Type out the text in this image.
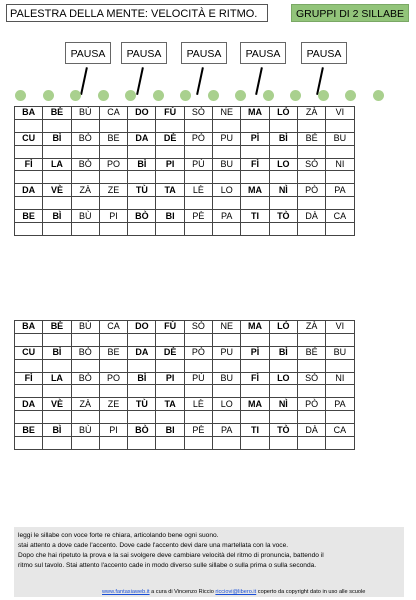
PALESTRA DELLA MENTE: VELOCITÀ E RITMO.	GRUPPI DI 2 SILLABE
PAUSA	PAUSA	PAUSA	PAUSA	PAUSA
BA	BÈ	BÙ	CA	DO	FÙ	SÒ	NE	MA	LÒ	ZÀ	VI

CU	BÌ	BÒ	BE	DA	DÈ	PÒ	PU	PÌ	BÌ	BÉ	BU

FÌ	LA	BÒ	PO	BÌ	PI	PÙ	BU	FÌ	LO	SÒ	NI

DA	VÈ	ZÀ	ZE	TÙ	TA	LÈ	LO	MA	NÌ	PÒ	PA

BE	BÌ	BÙ	PI	BÒ	BI	PÈ	PA	TI	TÒ	DÀ	CA

BA	BÈ	BÙ	CA	DO	FÙ	SÒ	NE	MA	LÒ	ZÀ	VI

CU	BÌ	BÒ	BE	DA	DÈ	PÒ	PU	PÌ	BÌ	BÉ	BU

FÌ	LA	BÒ	PO	BÌ	PI	PÙ	BU	FÌ	LO	SÒ	NI

DA	VÈ	ZÀ	ZE	TÙ	TA	LÈ	LO	MA	NÌ	PÒ	PA

BE	BÌ	BÙ	PI	BÒ	BI	PÈ	PA	TI	TÒ	DÀ	CA

leggi le sillabe con voce forte re chiara, articolando bene ogni suono.

stai attento a dove cade l'accento. Dove cade l'accento devi dare una martellata con la voce.

Dopo che hai ripetuto la prova e la sai svolgere deve cambiare velocità del ritmo di pronuncia, battendo il

ritmo sul tavolo. Stai attento l'accento cade in modo diverso sulle sillabe o sulla prima o sulla seconda.

www.fantasiaweb.it a cura di Vincenzo Riccio ricciovi@libero.it coperto da copyright dato in uso alle scuole
